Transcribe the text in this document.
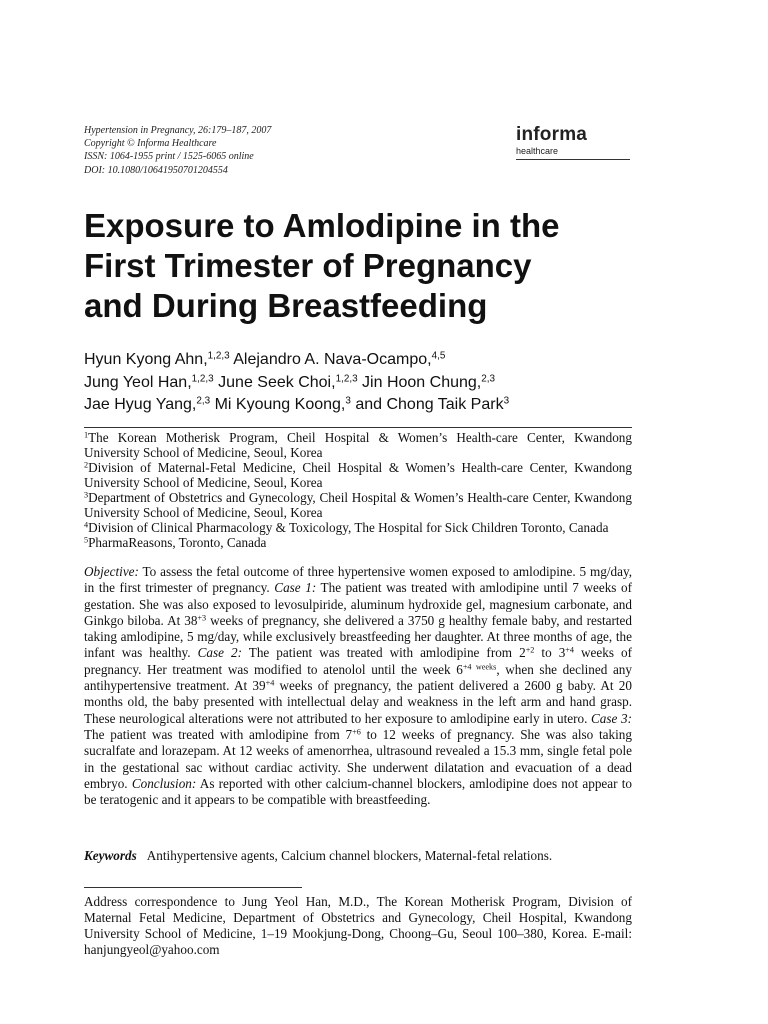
Hypertension in Pregnancy, 26:179–187, 2007
Copyright © Informa Healthcare
ISSN: 1064-1955 print / 1525-6065 online
DOI: 10.1080/10641950701204554
informa
healthcare
Exposure to Amlodipine in the
First Trimester of Pregnancy
and During Breastfeeding
Hyun Kyong Ahn,$^{1,2,3}$ Alejandro A. Nava-Ocampo,$^{4,5}$
Jung Yeol Han,$^{1,2,3}$ June Seek Choi,$^{1,2,3}$ Jin Hoon Chung,$^{2,3}$
Jae Hyug Yang,$^{2,3}$ Mi Kyoung Koong,$^3$ and Chong Taik Park$^3$

$^1$The Korean Motherisk Program, Cheil Hospital & Women’s Health-care Center, Kwandong University School of Medicine, Seoul, Korea

$^2$Division of Maternal-Fetal Medicine, Cheil Hospital & Women’s Health-care Center, Kwandong University School of Medicine, Seoul, Korea

$^3$Department of Obstetrics and Gynecology, Cheil Hospital & Women’s Health-care Center, Kwandong University School of Medicine, Seoul, Korea

$^4$Division of Clinical Pharmacology & Toxicology, The Hospital for Sick Children Toronto, Canada

$^5$PharmaReasons, Toronto, Canada

Objective: To assess the fetal outcome of three hypertensive women exposed to amlodipine. 5 mg/day, in the first trimester of pregnancy. Case 1: The patient was treated with amlodipine until 7 weeks of gestation. She was also exposed to levosulpiride, aluminum hydroxide gel, magnesium carbonate, and Ginkgo biloba. At $38^{+3}$ weeks of pregnancy, she delivered a 3750 g healthy female baby, and restarted taking amlodipine, 5 mg/day, while exclusively breastfeeding her daughter. At three months of age, the infant was healthy. Case 2: The patient was treated with amlodipine from $2^{+2}$ to $3^{+4}$ weeks of pregnancy. Her treatment was modified to atenolol until the week $6^{+4 weeks}$, when she declined any antihypertensive treatment. At $39^{+4}$ weeks of pregnancy, the patient delivered a 2600 g baby. At 20 months old, the baby presented with intellectual delay and weakness in the left arm and hand grasp. These neurological alterations were not attributed to her exposure to amlodipine early in utero. Case 3: The patient was treated with amlodipine from $7^{+6}$ to 12 weeks of pregnancy. She was also taking sucralfate and lorazepam. At 12 weeks of amenorrhea, ultrasound revealed a 15.3 mm, single fetal pole in the gestational sac without cardiac activity. She underwent dilatation and evacuation of a dead embryo. Conclusion: As reported with other calcium-channel blockers, amlodipine does not appear to be teratogenic and it appears to be compatible with breastfeeding.

Keywords Antihypertensive agents, Calcium channel blockers, Maternal-fetal relations.

Address correspondence to Jung Yeol Han, M.D., The Korean Motherisk Program, Division of Maternal Fetal Medicine, Department of Obstetrics and Gynecology, Cheil Hospital, Kwandong University School of Medicine, 1–19 Mookjung-Dong, Choong–Gu, Seoul 100–380, Korea. E-mail: hanjungyeol@yahoo.com
